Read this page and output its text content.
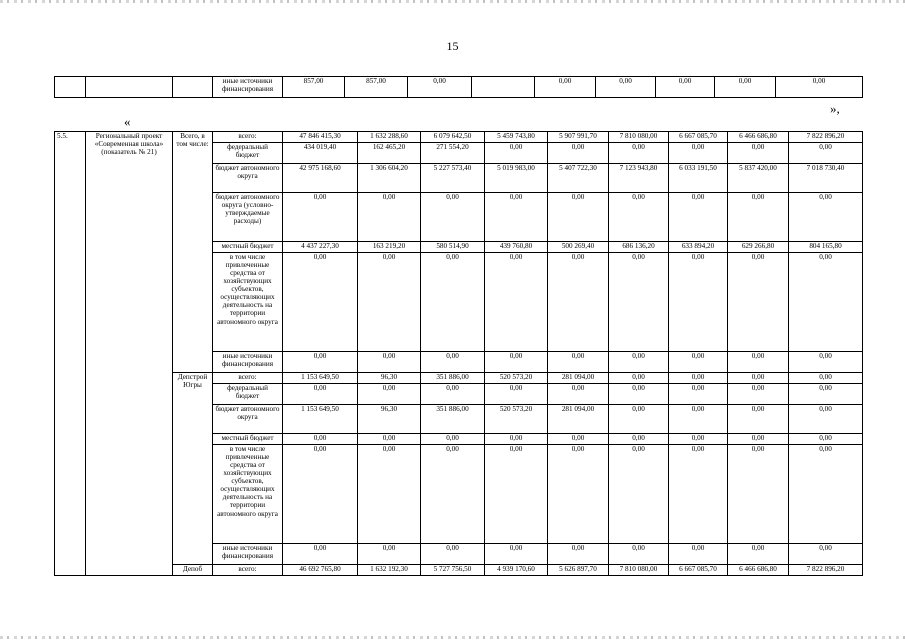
15
			иные источники финансирования	857,00	857,00	0,00		0,00	0,00	0,00	0,00	0,00
«
»,
5.5.	Региональный проект «Современная школа» (показатель № 21)	Всего, в том числе:	всего:	47 846 415,30	1 632 288,60	6 079 642,50	5 459 743,80	5 907 991,70	7 810 080,00	6 667 085,70	6 466 686,80	7 822 896,20
			федеральный бюджет	434 019,40	162 465,20	271 554,20	0,00	0,00	0,00	0,00	0,00	0,00
			бюджет автономного округа	42 975 168,60	1 306 604,20	5 227 573,40	5 019 983,00	5 407 722,30	7 123 943,80	6 033 191,50	5 837 420,00	7 018 730,40
			бюджет автономного округа (условно-утверждаемые расходы)	0,00	0,00	0,00	0,00	0,00	0,00	0,00	0,00	0,00
			местный бюджет	4 437 227,30	163 219,20	580 514,90	439 760,80	500 269,40	686 136,20	633 894,20	629 266,80	804 165,80
			в том числе привлеченные средства от хозяйствующих субъектов, осуществляющих деятельность на территории автономного округа	0,00	0,00	0,00	0,00	0,00	0,00	0,00	0,00	0,00
			иные источники финансирования	0,00	0,00	0,00	0,00	0,00	0,00	0,00	0,00	0,00
		Депстрой Югры	всего:	1 153 649,50	96,30	351 886,00	520 573,20	281 094,00	0,00	0,00	0,00	0,00
			федеральный бюджет	0,00	0,00	0,00	0,00	0,00	0,00	0,00	0,00	0,00
			бюджет автономного округа	1 153 649,50	96,30	351 886,00	520 573,20	281 094,00	0,00	0,00	0,00	0,00
			местный бюджет	0,00	0,00	0,00	0,00	0,00	0,00	0,00	0,00	0,00
			в том числе привлеченные средства от хозяйствующих субъектов, осуществляющих деятельность на территории автономного округа	0,00	0,00	0,00	0,00	0,00	0,00	0,00	0,00	0,00
			иные источники финансирования	0,00	0,00	0,00	0,00	0,00	0,00	0,00	0,00	0,00
		Депоб	всего:	46 692 765,80	1 632 192,30	5 727 756,50	4 939 170,60	5 626 897,70	7 810 080,00	6 667 085,70	6 466 686,80	7 822 896,20
